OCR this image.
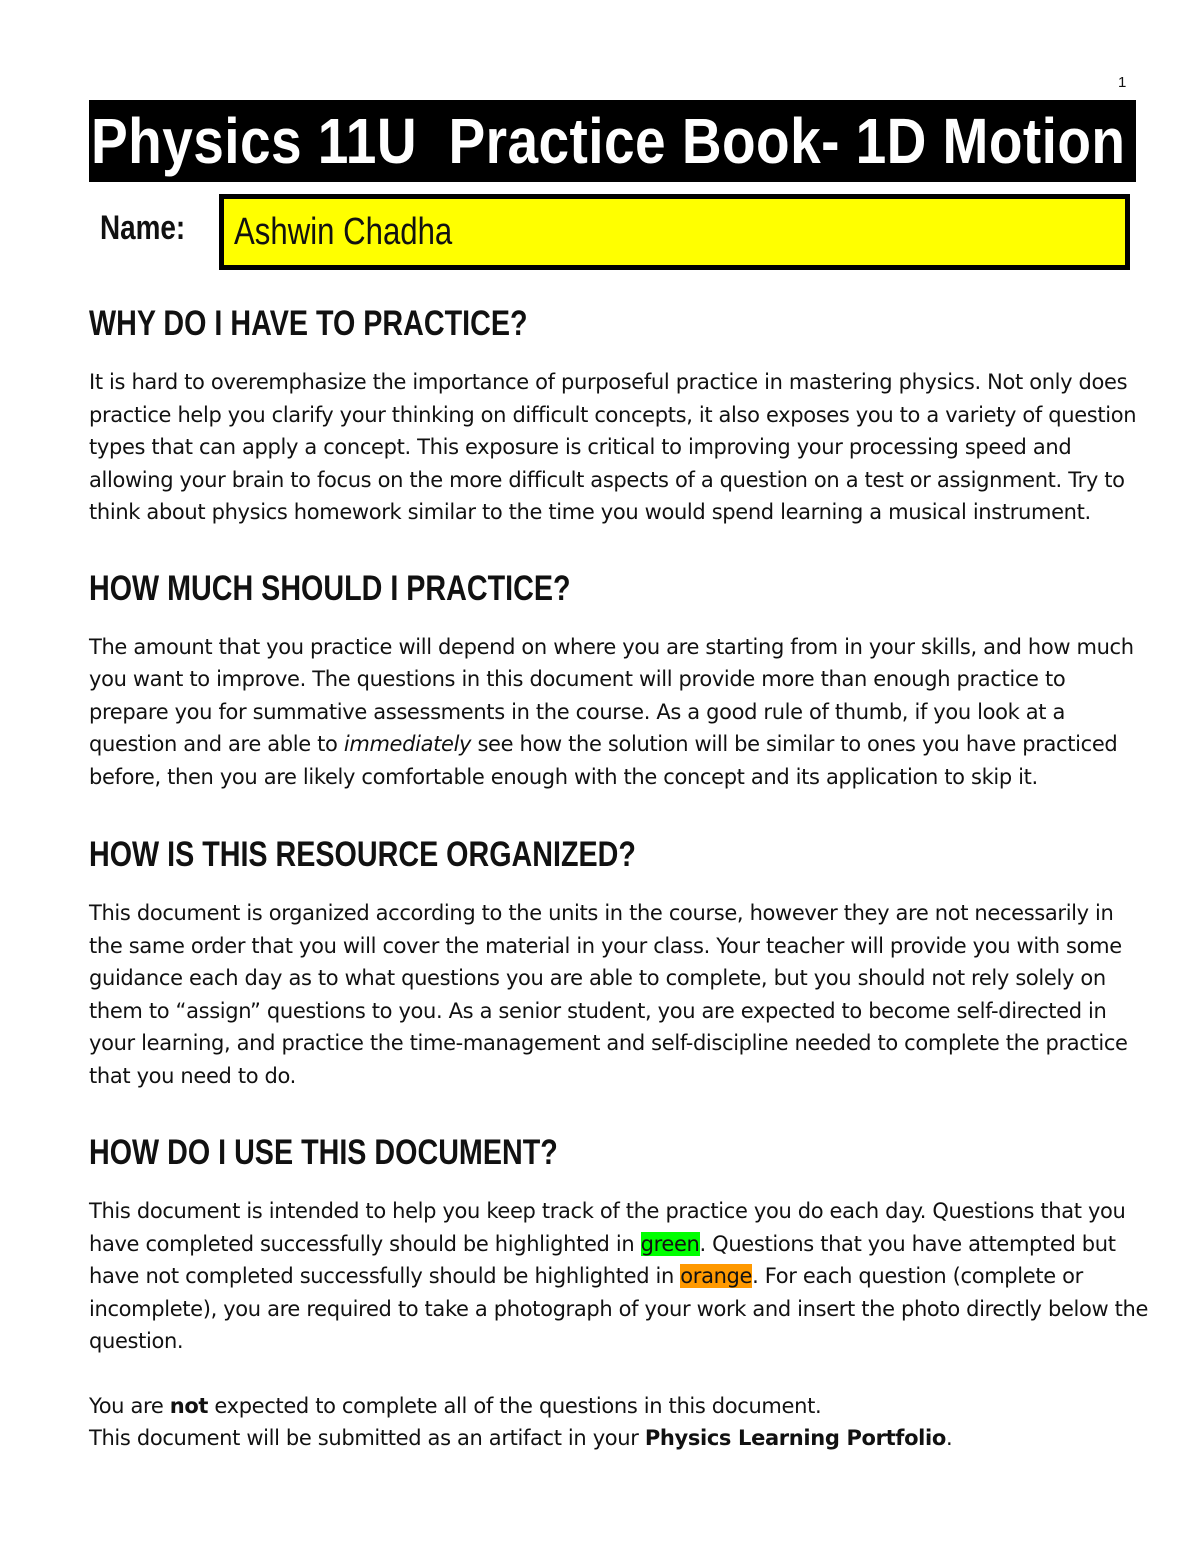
1
Physics 11U  Practice Book- 1D Motion
Name:	Ashwin Chadha
WHY DO I HAVE TO PRACTICE?

It is hard to overemphasize the importance of purposeful practice in mastering physics. Not only does practice help you clarify your thinking on difficult concepts, it also exposes you to a variety of question types that can apply a concept. This exposure is critical to improving your processing speed and allowing your brain to focus on the more difficult aspects of a question on a test or assignment. Try to think about physics homework similar to the time you would spend learning a musical instrument.

HOW MUCH SHOULD I PRACTICE?

The amount that you practice will depend on where you are starting from in your skills, and how much you want to improve. The questions in this document will provide more than enough practice to prepare you for summative assessments in the course. As a good rule of thumb, if you look at a question and are able to immediately see how the solution will be similar to ones you have practiced before, then you are likely comfortable enough with the concept and its application to skip it.

HOW IS THIS RESOURCE ORGANIZED?

This document is organized according to the units in the course, however they are not necessarily in the same order that you will cover the material in your class. Your teacher will provide you with some guidance each day as to what questions you are able to complete, but you should not rely solely on them to “assign” questions to you. As a senior student, you are expected to become self-directed in your learning, and practice the time-management and self-discipline needed to complete the practice that you need to do.

HOW DO I USE THIS DOCUMENT?

This document is intended to help you keep track of the practice you do each day. Questions that you have completed successfully should be highlighted in green. Questions that you have attempted but have not completed successfully should be highlighted in orange. For each question (complete or incomplete), you are required to take a photograph of your work and insert the photo directly below the question.

You are not expected to complete all of the questions in this document.

This document will be submitted as an artifact in your Physics Learning Portfolio.
